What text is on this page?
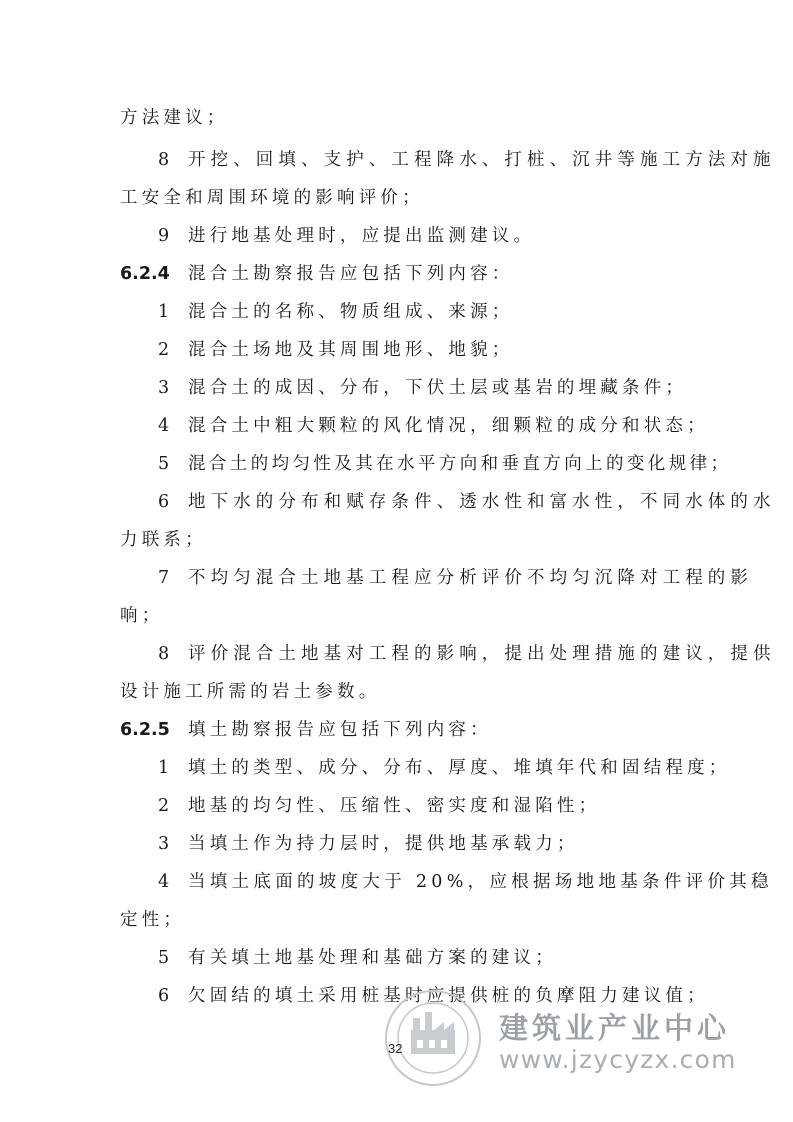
方法建议；
8 开挖、回填、支护、工程降水、打桩、沉井等施工方法对施
工安全和周围环境的影响评价；
9 进行地基处理时，应提出监测建议。
6.2.4 混合土勘察报告应包括下列内容：
1 混合土的名称、物质组成、来源；
2 混合土场地及其周围地形、地貌；
3 混合土的成因、分布，下伏土层或基岩的埋藏条件；
4 混合土中粗大颗粒的风化情况，细颗粒的成分和状态；
5 混合土的均匀性及其在水平方向和垂直方向上的变化规律；
6 地下水的分布和赋存条件、透水性和富水性，不同水体的水
力联系；
7 不均匀混合土地基工程应分析评价不均匀沉降对工程的影
响；
8 评价混合土地基对工程的影响，提出处理措施的建议，提供
设计施工所需的岩土参数。
6.2.5 填土勘察报告应包括下列内容：
1 填土的类型、成分、分布、厚度、堆填年代和固结程度；
2 地基的均匀性、压缩性、密实度和湿陷性；
3 当填土作为持力层时，提供地基承载力；
4 当填土底面的坡度大于 20%，应根据场地地基条件评价其稳
定性；
5 有关填土地基处理和基础方案的建议；
6 欠固结的填土采用桩基时应提供桩的负摩阻力建议值；
建筑业产业中心
www.jzycyzx.com
32
